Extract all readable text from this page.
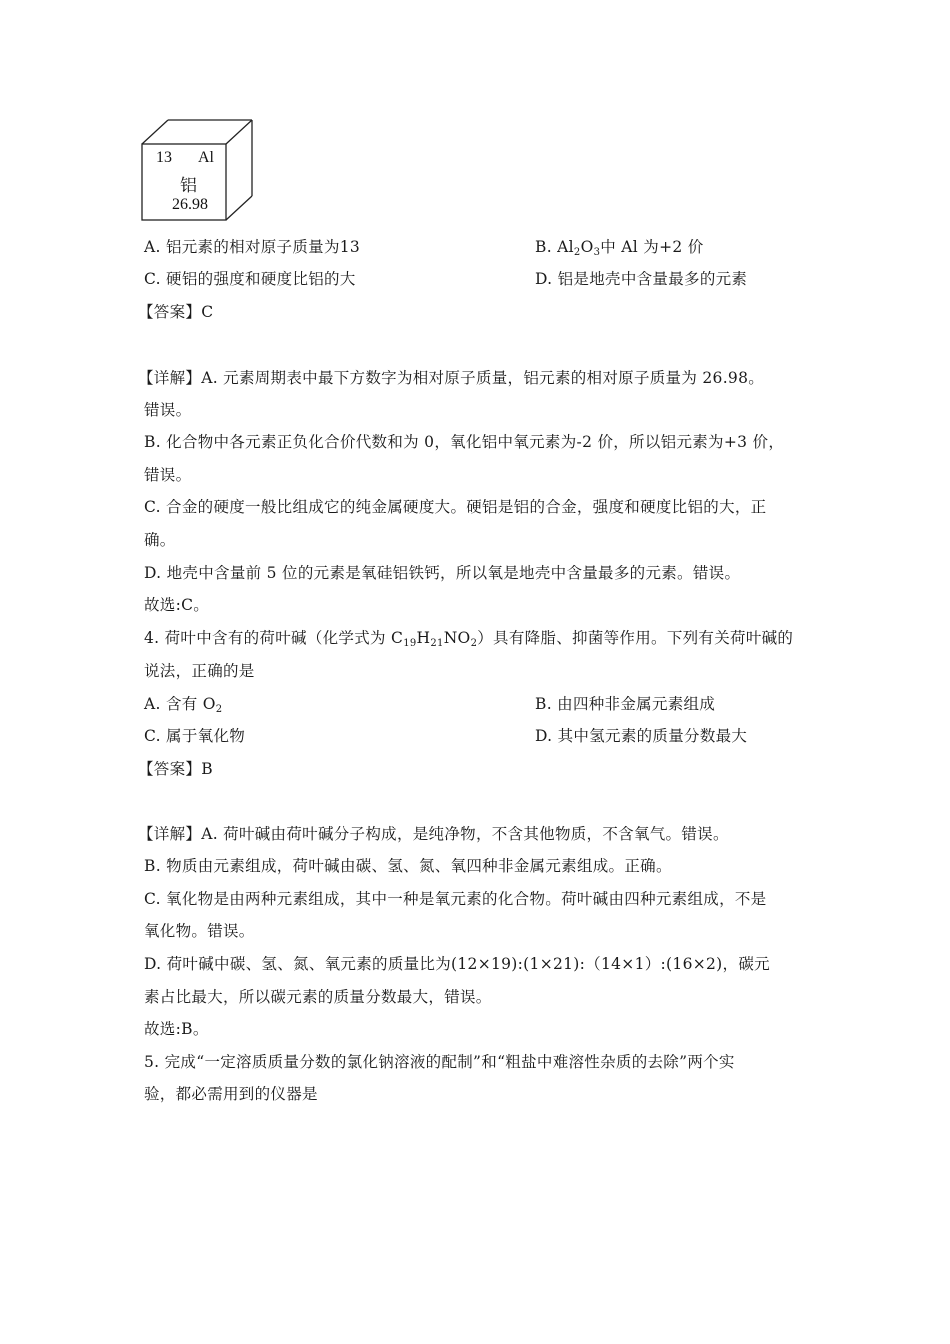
13 Al
铝
26.98
A. 铝元素的相对原子质量为13	B. $Al_2O_3$中 Al 为+2 价
C. 硬铝的强度和硬度比铝的大	D. 铝是地壳中含量最多的元素
【答案】C
【详解】A. 元素周期表中最下方数字为相对原子质量，铝元素的相对原子质量为 26.98。
错误。
B. 化合物中各元素正负化合价代数和为 0，氧化铝中氧元素为-2 价，所以铝元素为+3 价，
错误。
C. 合金的硬度一般比组成它的纯金属硬度大。硬铝是铝的合金，强度和硬度比铝的大，正
确。
D. 地壳中含量前 5 位的元素是氧硅铝铁钙，所以氧是地壳中含量最多的元素。错误。
故选:C。
4. 荷叶中含有的荷叶碱（化学式为 $C_{19}H_{21}NO_2$）具有降脂、抑菌等作用。下列有关荷叶碱的
说法，正确的是
A. 含有 $O_2$	B. 由四种非金属元素组成
C. 属于氧化物	D. 其中氢元素的质量分数最大
【答案】B
【详解】A. 荷叶碱由荷叶碱分子构成，是纯净物，不含其他物质，不含氧气。错误。
B. 物质由元素组成，荷叶碱由碳、氢、氮、氧四种非金属元素组成。正确。
C. 氧化物是由两种元素组成，其中一种是氧元素的化合物。荷叶碱由四种元素组成，不是
氧化物。错误。
D. 荷叶碱中碳、氢、氮、氧元素的质量比为(12×19):(1×21):（14×1）:(16×2)，碳元
素占比最大，所以碳元素的质量分数最大，错误。
故选:B。
5. 完成“一定溶质质量分数的氯化钠溶液的配制”和“粗盐中难溶性杂质的去除”两个实
验，都必需用到的仪器是
